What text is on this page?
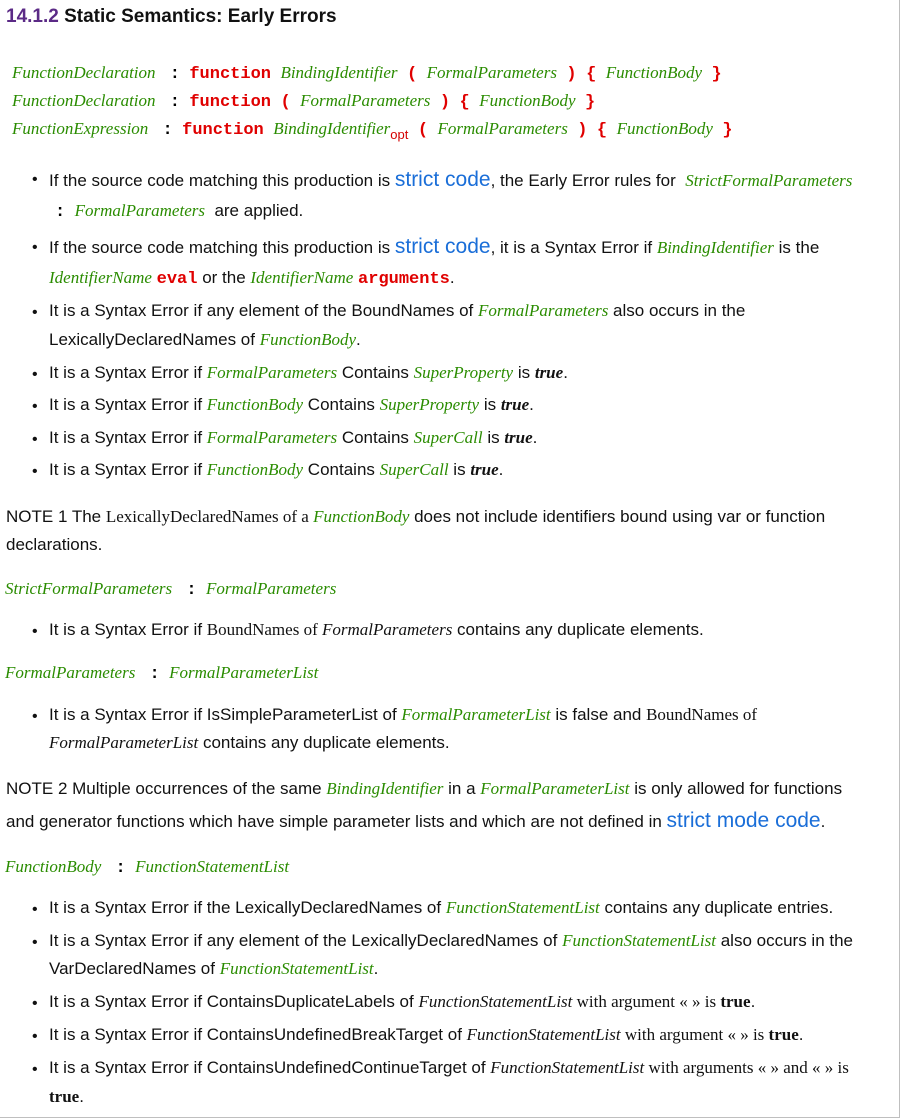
14.1.2 Static Semantics: Early Errors
FunctionDeclaration : function BindingIdentifier ( FormalParameters ) { FunctionBody }
FunctionDeclaration : function ( FormalParameters ) { FunctionBody }
FunctionExpression : function BindingIdentifier$_{opt}$ ( FormalParameters ) { FunctionBody }
• If the source code matching this production is strict code, the Early Error rules for  StrictFormalParameters
: FormalParameters  are applied.
• If the source code matching this production is strict code, it is a Syntax Error if BindingIdentifier is the
IdentifierName eval or the IdentifierName arguments.
• It is a Syntax Error if any element of the BoundNames of FormalParameters also occurs in the
LexicallyDeclaredNames of FunctionBody.
• It is a Syntax Error if FormalParameters Contains SuperProperty is true.
• It is a Syntax Error if FunctionBody Contains SuperProperty is true.
• It is a Syntax Error if FormalParameters Contains SuperCall is true.
• It is a Syntax Error if FunctionBody Contains SuperCall is true.
NOTE 1 The LexicallyDeclaredNames of a FunctionBody does not include identifiers bound using var or function
declarations.
StrictFormalParameters : FormalParameters
• It is a Syntax Error if BoundNames of FormalParameters contains any duplicate elements.
FormalParameters : FormalParameterList
• It is a Syntax Error if IsSimpleParameterList of FormalParameterList is false and BoundNames of
FormalParameterList contains any duplicate elements.
NOTE 2 Multiple occurrences of the same BindingIdentifier in a FormalParameterList is only allowed for functions
and generator functions which have simple parameter lists and which are not defined in strict mode code.
FunctionBody : FunctionStatementList
• It is a Syntax Error if the LexicallyDeclaredNames of FunctionStatementList contains any duplicate entries.
• It is a Syntax Error if any element of the LexicallyDeclaredNames of FunctionStatementList also occurs in the
VarDeclaredNames of FunctionStatementList.
• It is a Syntax Error if ContainsDuplicateLabels of FunctionStatementList with argument « » is true.
• It is a Syntax Error if ContainsUndefinedBreakTarget of FunctionStatementList with argument « » is true.
• It is a Syntax Error if ContainsUndefinedContinueTarget of FunctionStatementList with arguments « » and « » is
true.
